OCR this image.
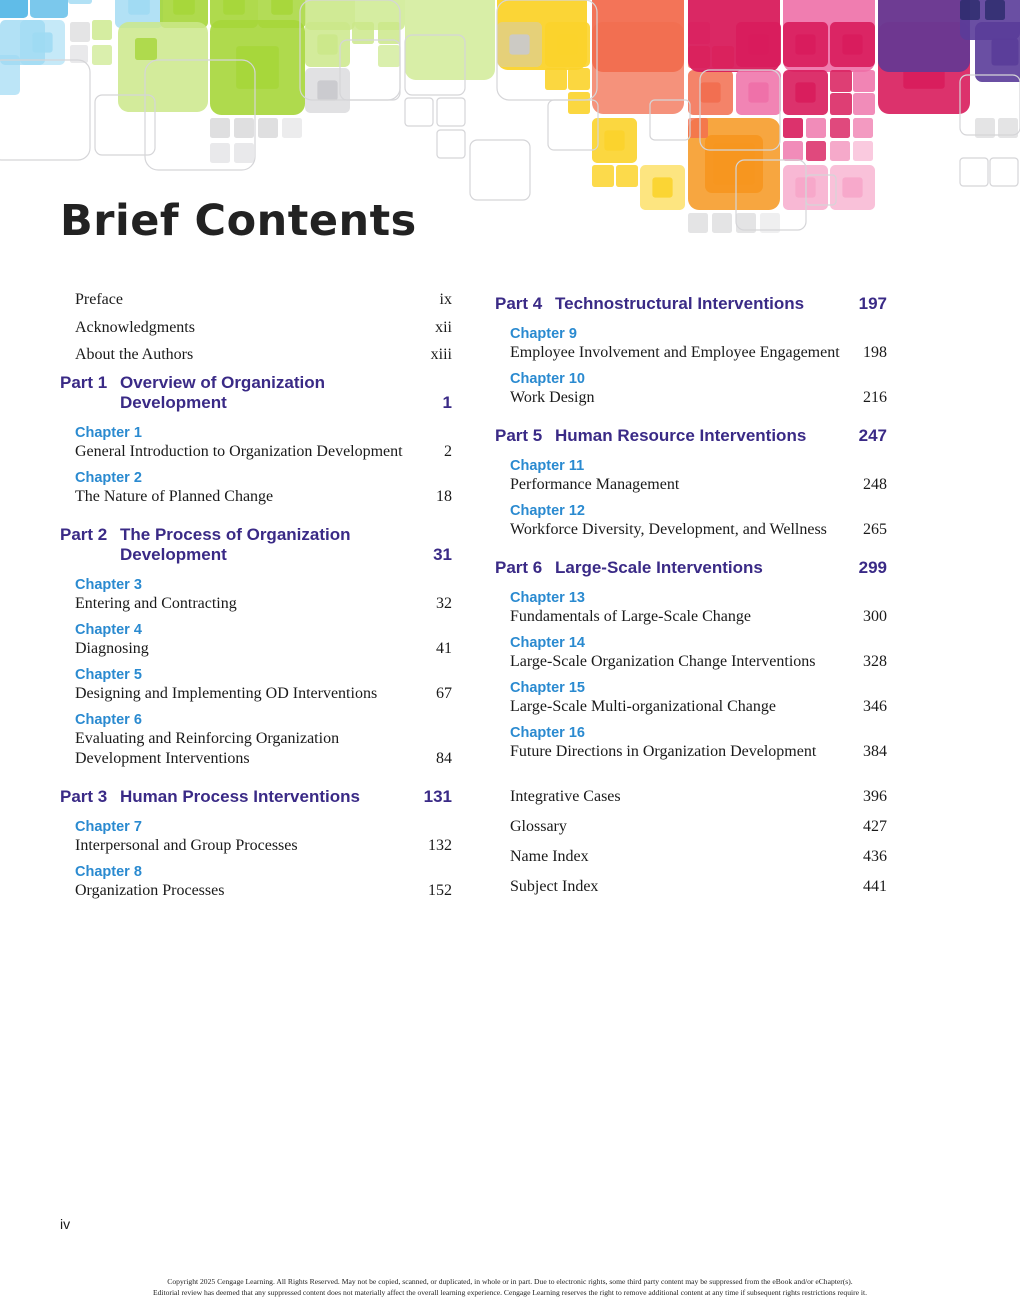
Brief Contents
Preface	ix
Acknowledgments	xii
About the Authors	xiii
Part 1 Overview of Organization
Development	1
Chapter 1
General Introduction to Organization Development	2
Chapter 2
The Nature of Planned Change	18
Part 2 The Process of Organization
Development	31
Chapter 3
Entering and Contracting	32
Chapter 4
Diagnosing	41
Chapter 5
Designing and Implementing OD Interventions	67
Chapter 6
Evaluating and Reinforcing Organization Development Interventions	84
Part 3 Human Process Interventions	131
Chapter 7
Interpersonal and Group Processes	132
Chapter 8
Organization Processes	152
Part 4 Technostructural Interventions	197
Chapter 9
Employee Involvement and Employee Engagement	198
Chapter 10
Work Design	216
Part 5 Human Resource Interventions	247
Chapter 11
Performance Management	248
Chapter 12
Workforce Diversity, Development, and Wellness	265
Part 6 Large-Scale Interventions	299
Chapter 13
Fundamentals of Large-Scale Change	300
Chapter 14
Large-Scale Organization Change Interventions	328
Chapter 15
Large-Scale Multi-organizational Change	346
Chapter 16
Future Directions in Organization Development	384
Integrative Cases	396
Glossary	427
Name Index	436
Subject Index	441
iv
Copyright 2025 Cengage Learning. All Rights Reserved. May not be copied, scanned, or duplicated, in whole or in part. Due to electronic rights, some third party content may be suppressed from the eBook and/or eChapter(s).
Editorial review has deemed that any suppressed content does not materially affect the overall learning experience. Cengage Learning reserves the right to remove additional content at any time if subsequent rights restrictions require it.
